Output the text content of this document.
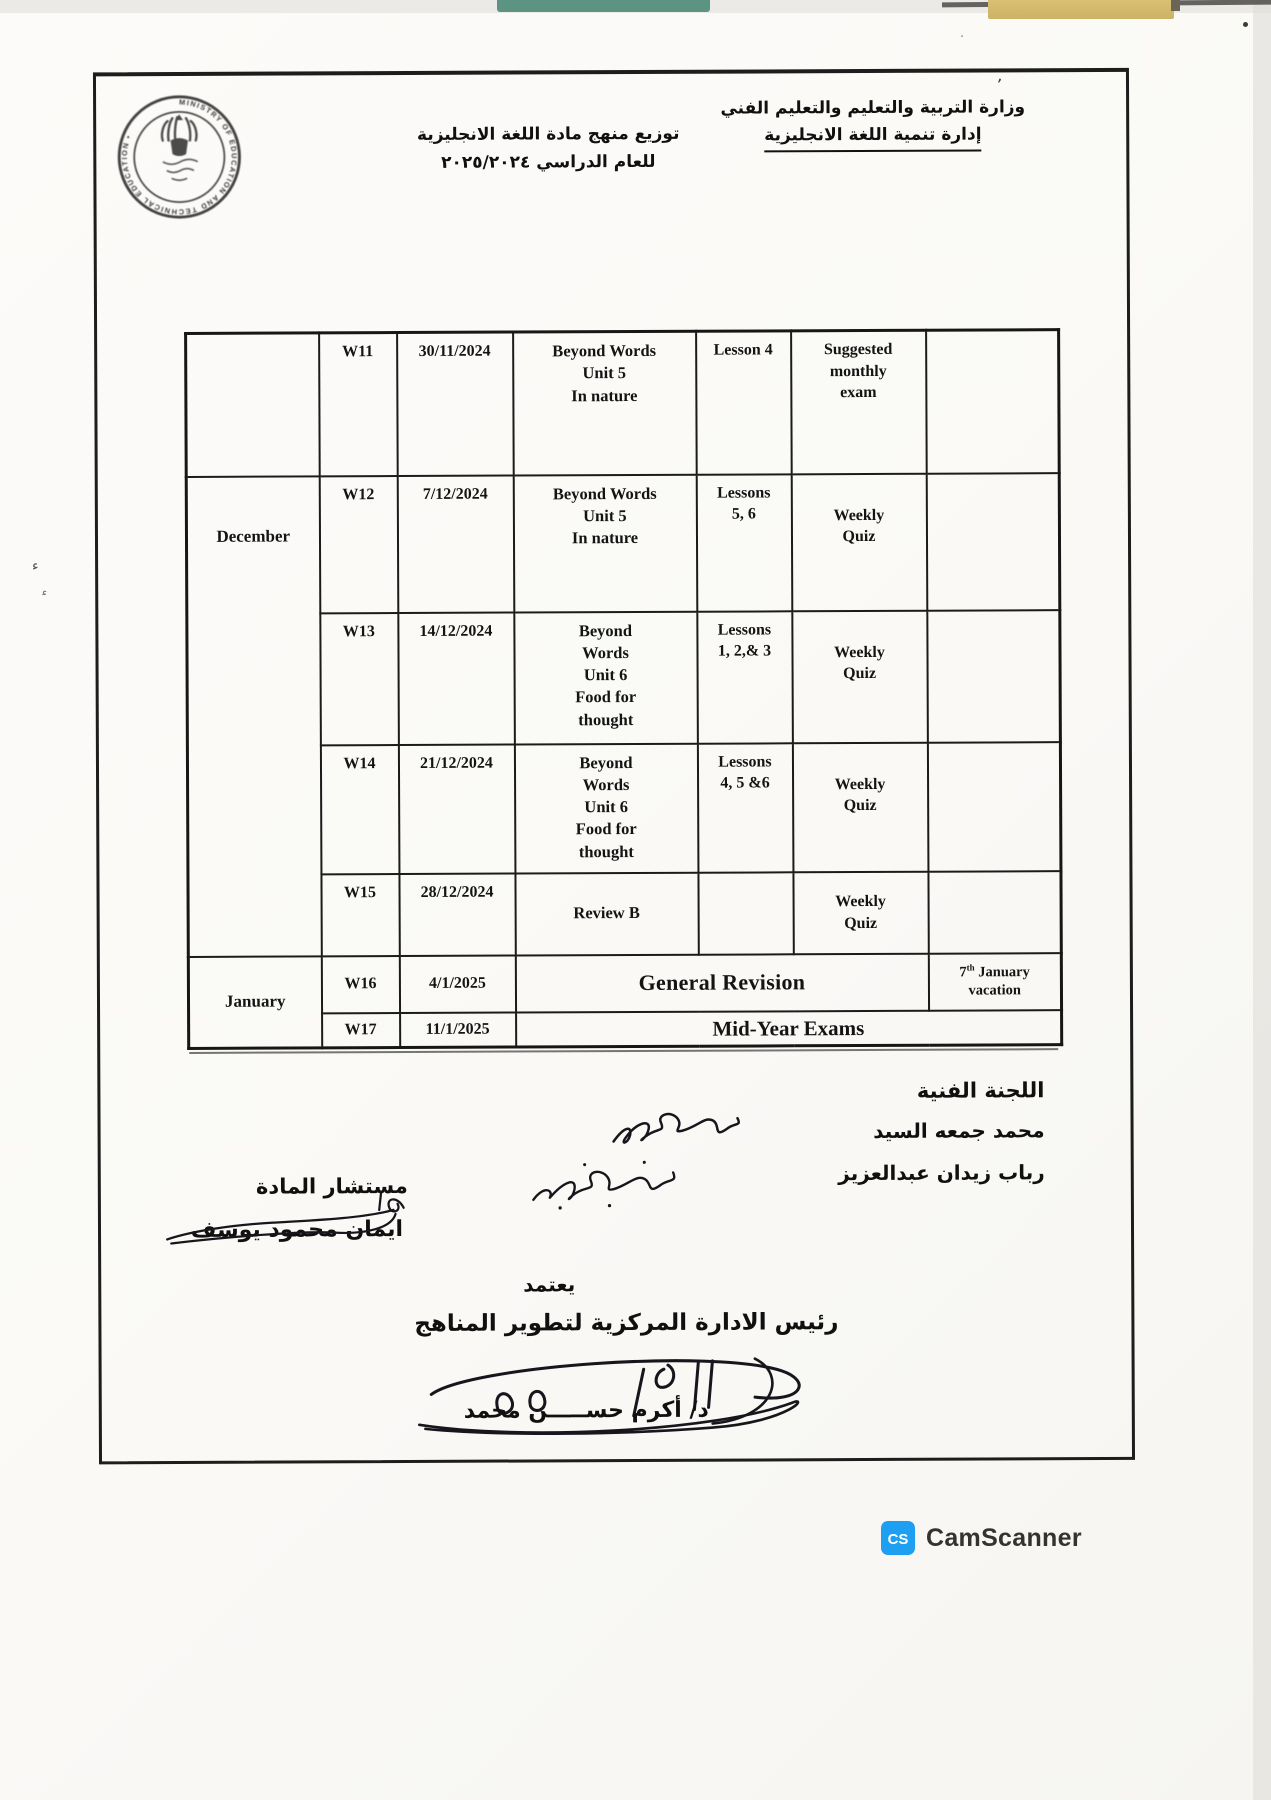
٬
·
ء
ء
MINISTRY OF EDUCATION AND TECHNICAL EDUCATION •
وزارة التربية والتعليم والتعليم الفني
إدارة تنمية اللغة الانجليزية
توزيع منهج مادة اللغة الانجليزية
للعام الدراسي ٢٠٢٥/٢٠٢٤
	W11	30/11/2024	Beyond Words
Unit 5
In nature	Lesson 4	Suggested
monthly
exam	
December	W12	7/12/2024	Beyond Words
Unit 5
In nature	Lessons
5, 6	Weekly
Quiz	
	W13	14/12/2024	Beyond
Words
Unit 6
Food for
thought	Lessons
1, 2,& 3	Weekly
Quiz	
	W14	21/12/2024	Beyond
Words
Unit 6
Food for
thought	Lessons
4, 5 &6	Weekly
Quiz	
	W15	28/12/2024	Review B		Weekly
Quiz	
January	W16	4/1/2025	General Revision			7th January
vacation
	W17	11/1/2025	Mid-Year Exams			
اللجنة الفنية
محمد جمعه السيد
رباب زيدان عبدالعزيز
مستشار المادة
ايمان محمود يوسف
يعتمد
رئيس الادارة المركزية لتطوير المناهج
د/ أكرم حســـــن محمد
CS CamScanner
